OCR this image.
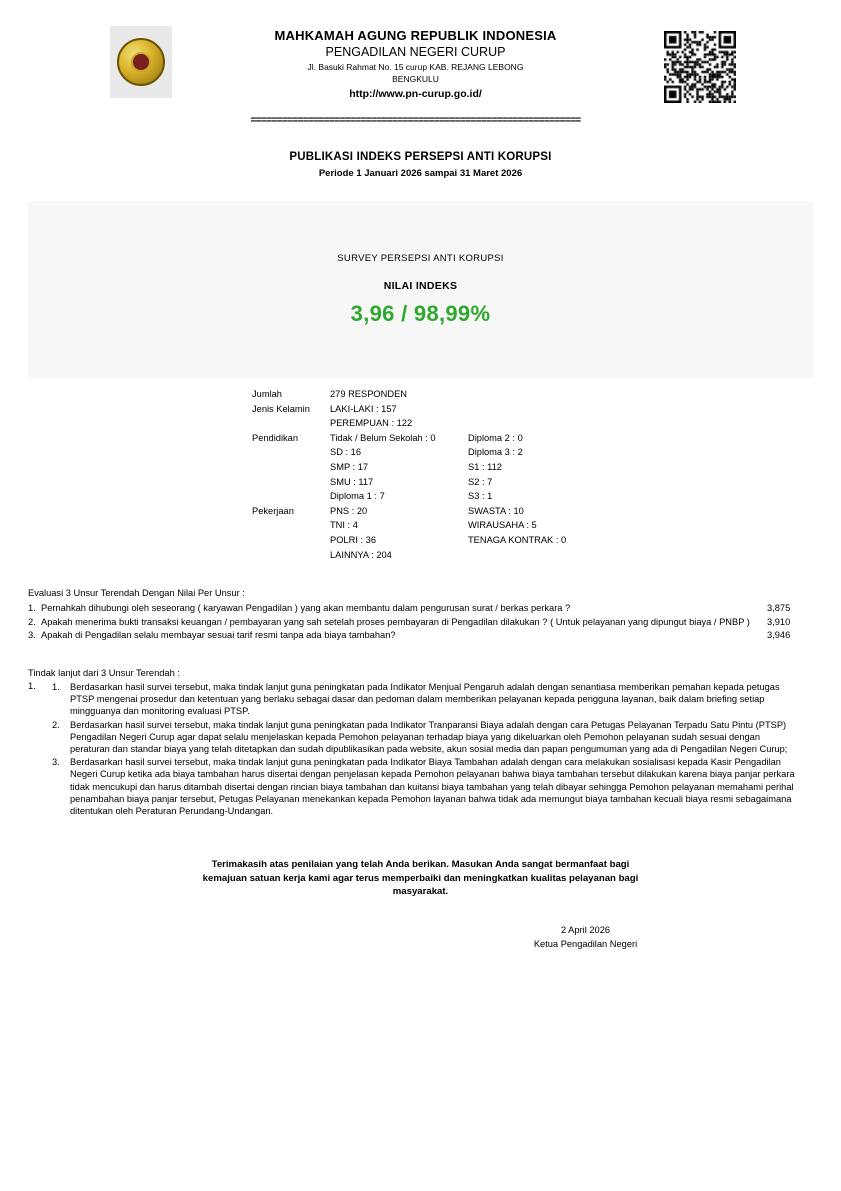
MAHKAMAH AGUNG REPUBLIK INDONESIA
PENGADILAN NEGERI CURUP
Jl. Basuki Rahmat No. 15 curup KAB. REJANG LEBONG
BENGKULU
http://www.pn-curup.go.id/
===============================================================
PUBLIKASI INDEKS PERSEPSI ANTI KORUPSI
Periode 1 Januari 2026 sampai 31 Maret 2026
SURVEY PERSEPSI ANTI KORUPSI
NILAI INDEKS
3,96 / 98,99%
Jumlah	279 RESPONDEN
Jenis Kelamin	LAKI-LAKI : 157
PEREMPUAN : 122
Pendidikan	Tidak / Belum Sekolah : 0	Diploma 2 : 0
SD : 16	Diploma 3 : 2
SMP : 17	S1 : 112
SMU : 117	S2 : 7
Diploma 1 : 7	S3 : 1
Pekerjaan	PNS : 20	SWASTA : 10
TNI : 4	WIRAUSAHA : 5
POLRI : 36	TENAGA KONTRAK : 0
LAINNYA : 204
Evaluasi 3 Unsur Terendah Dengan Nilai Per Unsur :
1. Pernahkah dihubungi oleh seseorang ( karyawan Pengadilan ) yang akan membantu dalam pengurusan surat / berkas perkara ?	3,875
2. Apakah menerima bukti transaksi keuangan / pembayaran yang sah setelah proses pembayaran di Pengadilan dilakukan ? ( Untuk pelayanan yang dipungut biaya / PNBP )	3,910
3. Apakah di Pengadilan selalu membayar sesuai tarif resmi tanpa ada biaya tambahan?	3,946
Tindak lanjut dari 3 Unsur Terendah :
1.	1.	Berdasarkan hasil survei tersebut, maka tindak lanjut guna peningkatan pada Indikator Menjual Pengaruh adalah dengan senantiasa memberikan pemahan kepada petugas PTSP mengenai prosedur dan ketentuan yang berlaku sebagai dasar dan pedoman dalam memberikan pelayanan kepada pengguna layanan, baik dalam briefing setiap mingguanya dan monitoring evaluasi PTSP.
2.	Berdasarkan hasil survei tersebut, maka tindak lanjut guna peningkatan pada Indikator Tranparansi Biaya adalah dengan cara Petugas Pelayanan Terpadu Satu Pintu (PTSP) Pengadilan Negeri Curup agar dapat selalu menjelaskan kepada Pemohon pelayanan terhadap biaya yang dikeluarkan oleh Pemohon pelayanan sudah sesuai dengan peraturan dan standar biaya yang telah ditetapkan dan sudah dipublikasikan pada website, akun sosial media dan papan pengumuman yang ada di Pengadilan Negeri Curup;
3.	Berdasarkan hasil survei tersebut, maka tindak lanjut guna peningkatan pada Indikator Biaya Tambahan adalah dengan cara melakukan sosialisasi kepada Kasir Pengadilan Negeri Curup ketika ada biaya tambahan harus disertai dengan penjelasan kepada Pemohon pelayanan bahwa biaya tambahan tersebut dilakukan karena biaya panjar perkara tidak mencukupi dan harus ditambah disertai dengan rincian biaya tambahan dan kuitansi biaya tambahan yang telah dibayar sehingga Pemohon pelayanan memahami perihal penambahan biaya panjar tersebut, Petugas Pelayanan menekankan kepada Pemohon layanan bahwa tidak ada memungut biaya tambahan kecuali biaya resmi sebagaimana ditentukan oleh Peraturan Perundang-Undangan.
Terimakasih atas penilaian yang telah Anda berikan. Masukan Anda sangat bermanfaat bagi kemajuan satuan kerja kami agar terus memperbaiki dan meningkatkan kualitas pelayanan bagi masyarakat.
2 April 2026
Ketua Pengadilan Negeri
